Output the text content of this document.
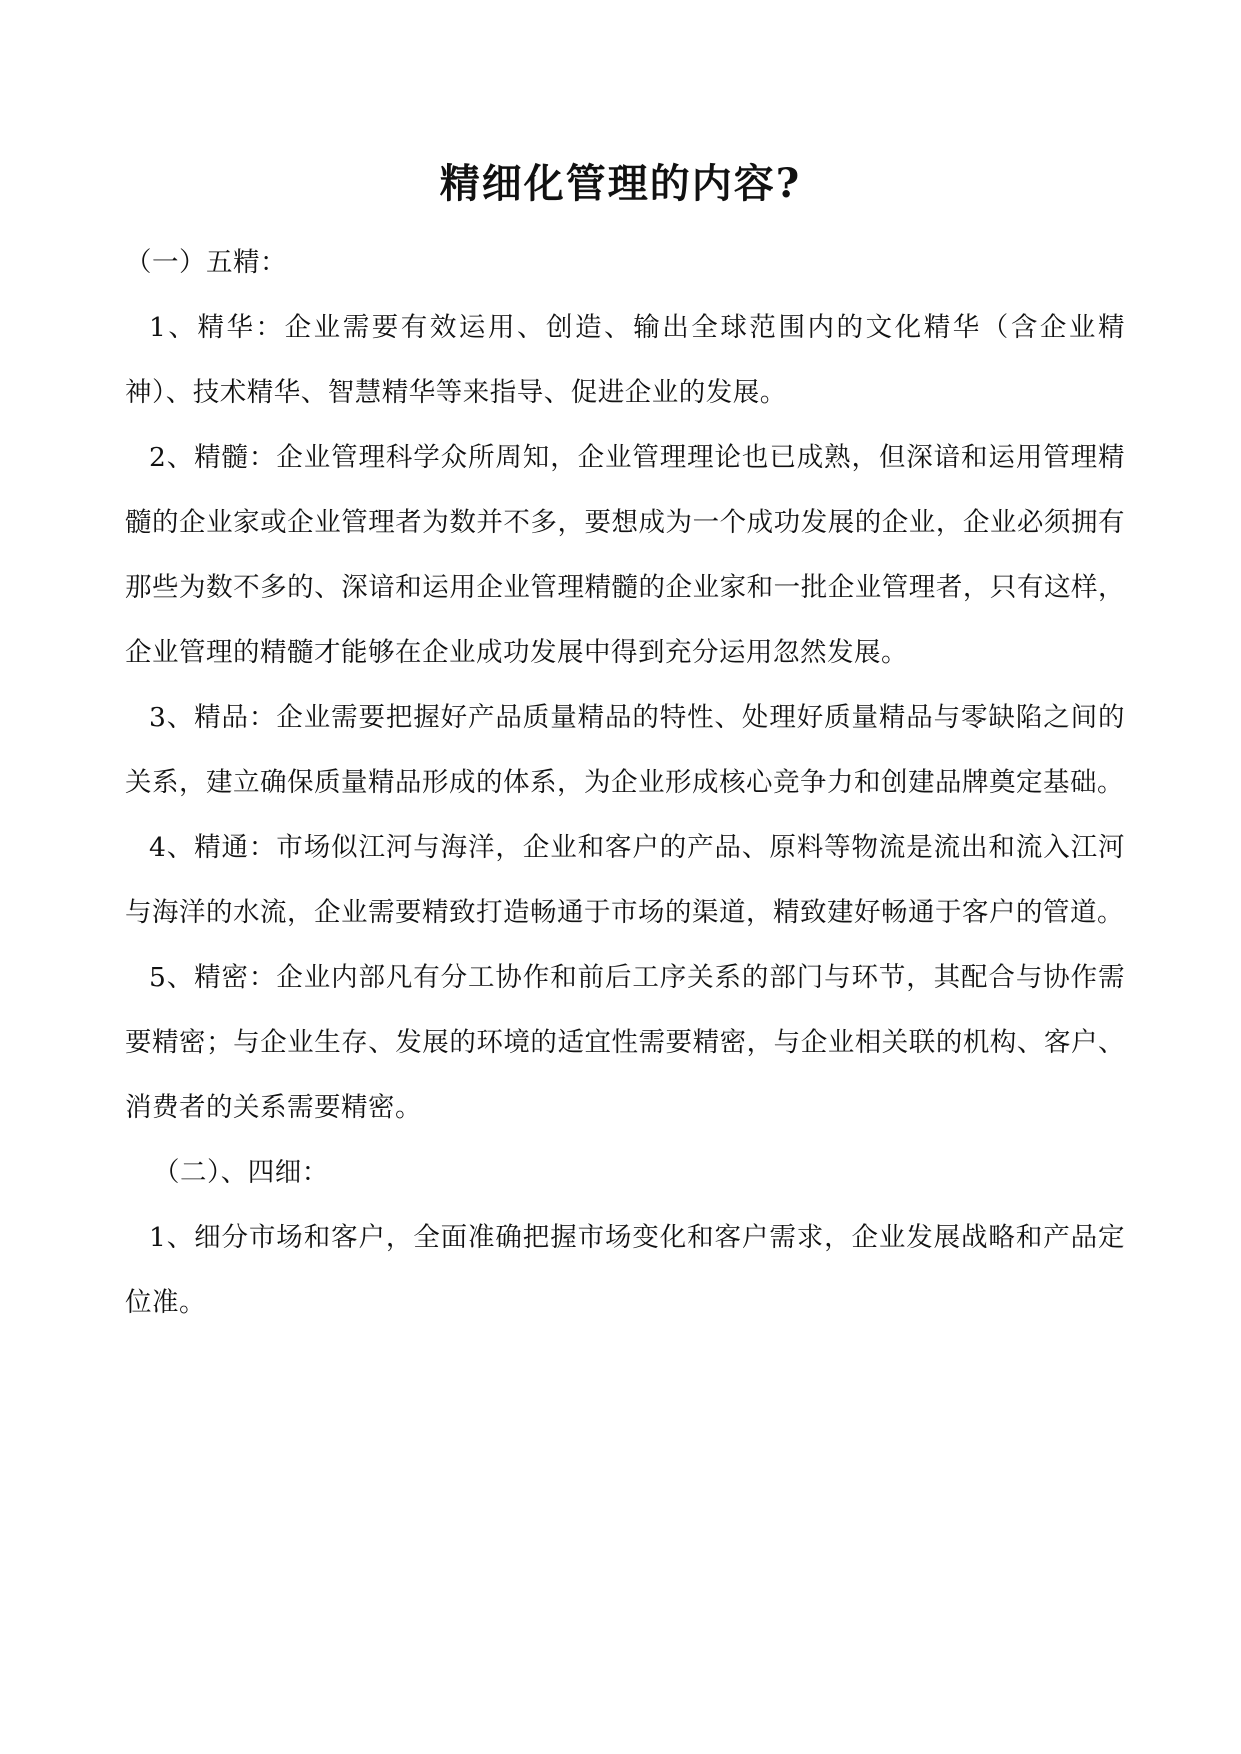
精细化管理的内容?

（一）五精：

1、精华：企业需要有效运用、创造、输出全球范围内的文化精华（含企业精神）、技术精华、智慧精华等来指导、促进企业的发展。

2、精髓：企业管理科学众所周知，企业管理理论也已成熟，但深谙和运用管理精髓的企业家或企业管理者为数并不多，要想成为一个成功发展的企业，企业必须拥有那些为数不多的、深谙和运用企业管理精髓的企业家和一批企业管理者，只有这样，企业管理的精髓才能够在企业成功发展中得到充分运用忽然发展。

3、精品：企业需要把握好产品质量精品的特性、处理好质量精品与零缺陷之间的关系，建立确保质量精品形成的体系，为企业形成核心竞争力和创建品牌奠定基础。

4、精通：市场似江河与海洋，企业和客户的产品、原料等物流是流出和流入江河与海洋的水流，企业需要精致打造畅通于市场的渠道，精致建好畅通于客户的管道。

5、精密：企业内部凡有分工协作和前后工序关系的部门与环节，其配合与协作需要精密；与企业生存、发展的环境的适宜性需要精密，与企业相关联的机构、客户、消费者的关系需要精密。

（二）、四细：

1、细分市场和客户，全面准确把握市场变化和客户需求，企业发展战略和产品定位准。
